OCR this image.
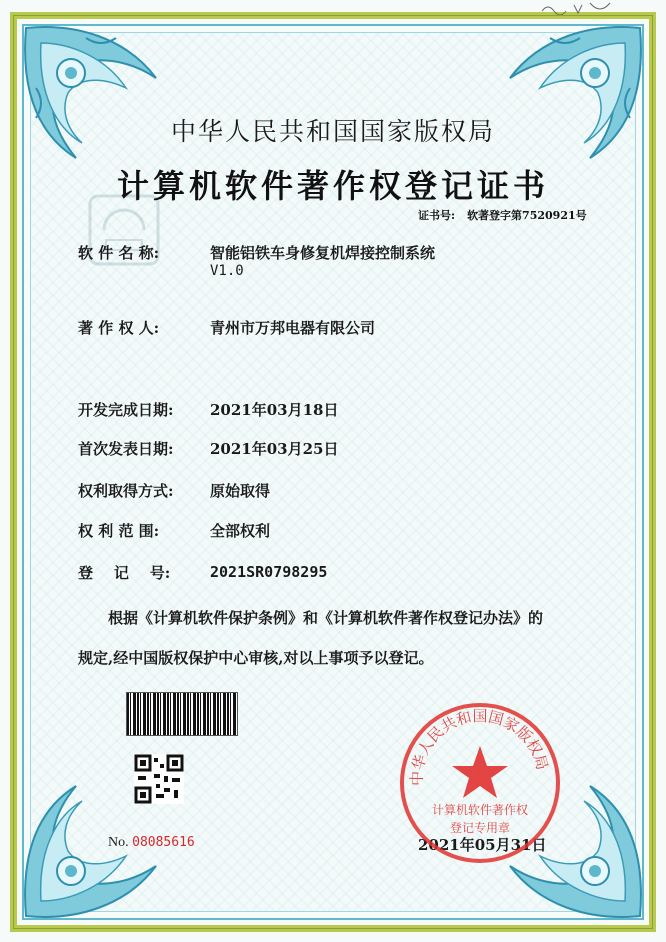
中华人民共和国国家版权局
计算机软件著作权登记证书
证书号: 软著登字第7520921号
软 件 名 称:	智能铝铁车身修复机焊接控制系统
V1.0
著 作 权 人:	青州市万邦电器有限公司
开发完成日期: 2021年03月18日
首次发表日期: 2021年03月25日
权利取得方式: 原始取得
权 利 范 围:	全部权利
登    记    号:	2021SR0798295
根据《计算机软件保护条例》和《计算机软件著作权登记办法》的
规定,经中国版权保护中心审核,对以上事项予以登记。
No. 08085616	2021年05月31日
中华人民共和国国家版权局
计算机软件著作权
登记专用章
